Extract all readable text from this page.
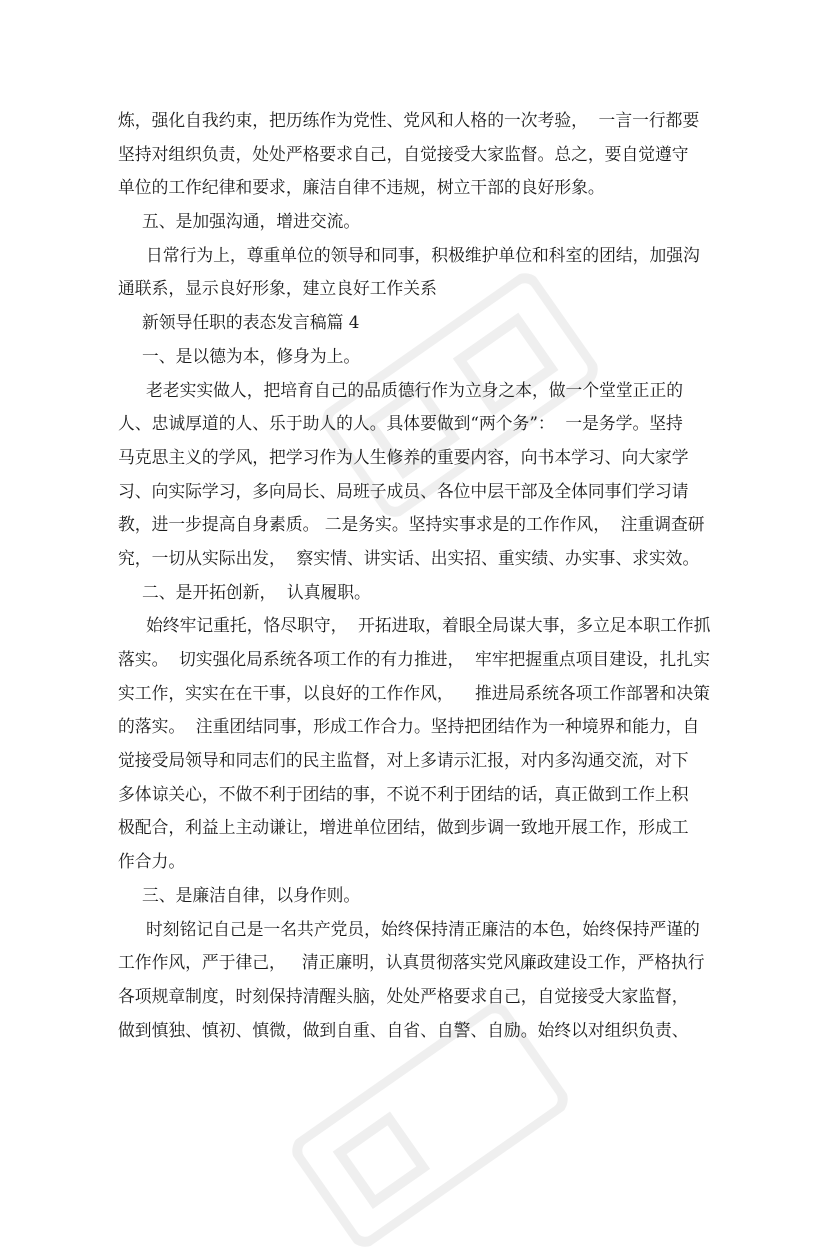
炼，强化自我约束，把历练作为党性、党风和人格的一次考验，  一言一行都要
坚持对组织负责，处处严格要求自己，自觉接受大家监督。总之，要自觉遵守
单位的工作纪律和要求，廉洁自律不违规，树立干部的良好形象。
五、是加强沟通，增进交流。
日常行为上，尊重单位的领导和同事，积极维护单位和科室的团结，加强沟
通联系，显示良好形象，建立良好工作关系
新领导任职的表态发言稿篇 4
一、是以德为本，修身为上。
老老实实做人，把培育自己的品质德行作为立身之本，做一个堂堂正正的
人、忠诚厚道的人、乐于助人的人。具体要做到“两个务”：  一是务学。坚持
马克思主义的学风，把学习作为人生修养的重要内容，向书本学习、向大家学
习、向实际学习，多向局长、局班子成员、各位中层干部及全体同事们学习请
教，进一步提高自身素质。 二是务实。坚持实事求是的工作作风，  注重调查研
究，一切从实际出发，  察实情、讲实话、出实招、重实绩、办实事、求实效。
二、是开拓创新，  认真履职。
始终牢记重托，恪尽职守，  开拓进取，着眼全局谋大事，多立足本职工作抓
落实。  切实强化局系统各项工作的有力推进，  牢牢把握重点项目建设，扎扎实
实工作，实实在在干事，以良好的工作作风，    推进局系统各项工作部署和决策
的落实。  注重团结同事，形成工作合力。坚持把团结作为一种境界和能力，自
觉接受局领导和同志们的民主监督，对上多请示汇报，对内多沟通交流，对下
多体谅关心，不做不利于团结的事，不说不利于团结的话，真正做到工作上积
极配合，利益上主动谦让，增进单位团结，做到步调一致地开展工作，形成工
作合力。
三、是廉洁自律，以身作则。
时刻铭记自己是一名共产党员，始终保持清正廉洁的本色，始终保持严谨的
工作作风，严于律己，   清正廉明，认真贯彻落实党风廉政建设工作，严格执行
各项规章制度，时刻保持清醒头脑，处处严格要求自己，自觉接受大家监督，
做到慎独、慎初、慎微，做到自重、自省、自警、自励。始终以对组织负责、
